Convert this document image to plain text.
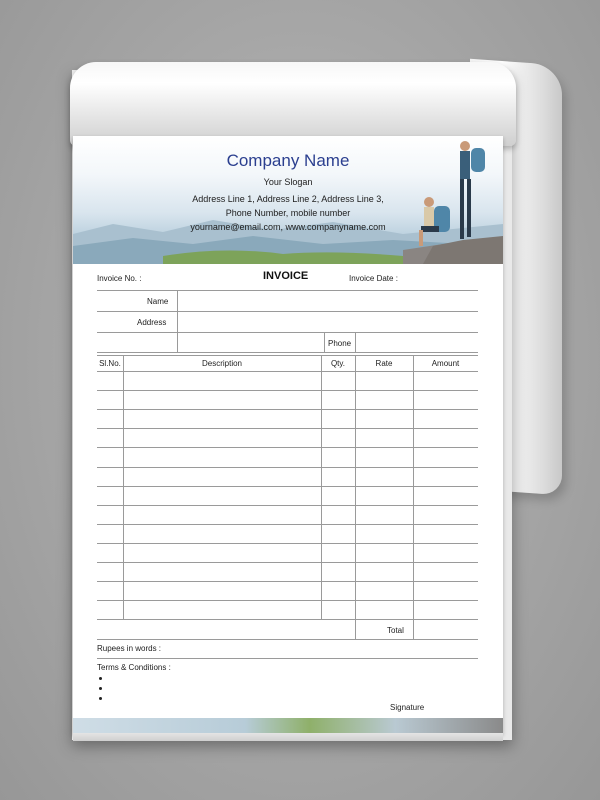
Company Name
Your Slogan
Address Line 1, Address Line 2, Address Line 3,
Phone Number, mobile number
yourname@email.com, www.companyname.com
Invoice No. :	INVOICE	Invoice Date :
Name
Address
Phone
Rupees in words :
Terms & Conditions :
Signature
Sl.No.	Description	Qty.	Rate	Amount
Total
